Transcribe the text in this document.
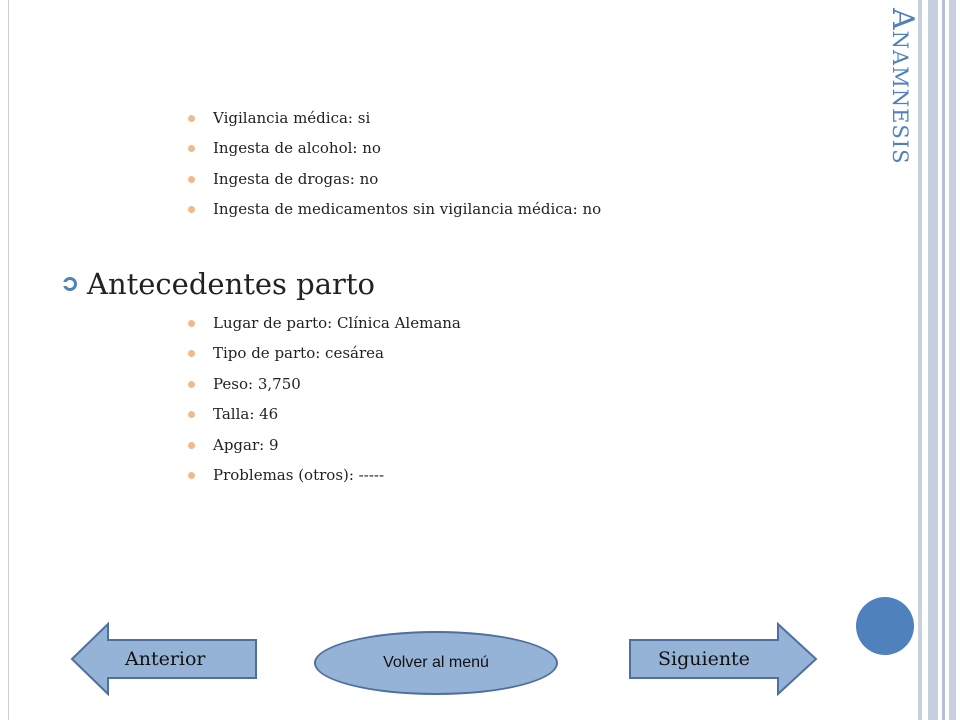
Anamnesis
Vigilancia médica: si
Ingesta de alcohol: no
Ingesta de drogas: no
Ingesta de medicamentos sin vigilancia médica: no
Antecedentes parto
Lugar de parto: Clínica Alemana
Tipo de parto: cesárea
Peso: 3,750
Talla: 46
Apgar: 9
Problemas (otros): -----
Anterior	Volver al menú	Siguiente
